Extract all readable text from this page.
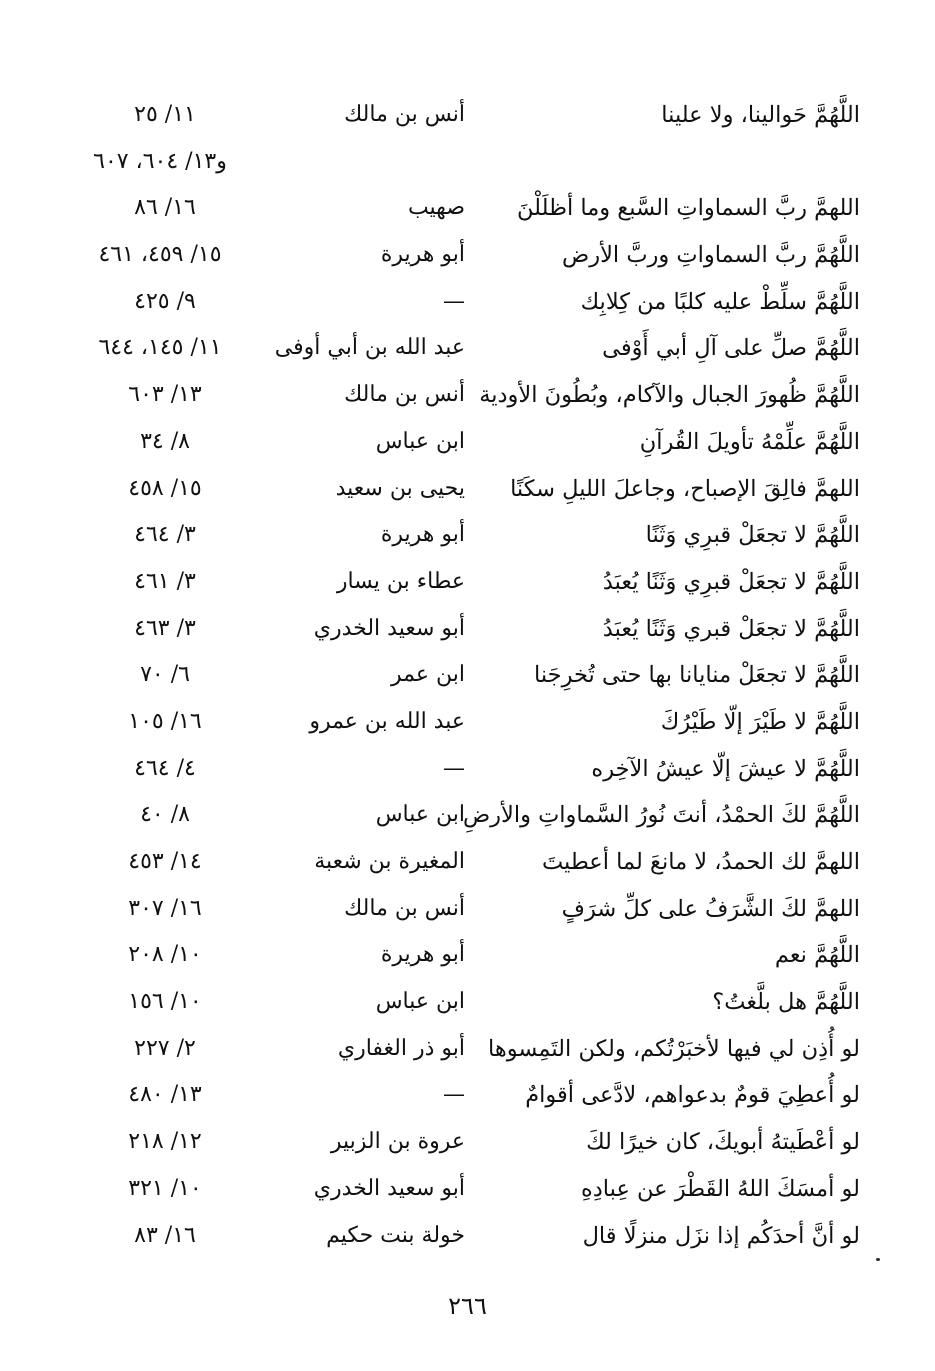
اللَّهُمَّ حَوالينا، ولا علينا
أنس بن مالك
١١/ ٢٥
و١٣/ ٦٠٤، ٦٠٧
اللهمَّ ربَّ السماواتِ السَّبع وما أظلَلْنَ
صهيب
١٦/ ٨٦
اللَّهُمَّ ربَّ السماواتِ وربَّ الأرض
أبو هريرة
١٥/ ٤٥٩، ٤٦١
اللَّهُمَّ سلِّطْ عليه كلبًا من كِلابِك
—
٩/ ٤٢٥
اللَّهُمَّ صلِّ على آلِ أبي أَوْفى
عبد الله بن أبي أوفى
١١/ ١٤٥، ٦٤٤
اللَّهُمَّ ظُهورَ الجبال والآكام، وبُطُونَ الأودية
أنس بن مالك
١٣/ ٦٠٣
اللَّهُمَّ علِّمْهُ تأويلَ القُرآنِ
ابن عباس
٨/ ٣٤
اللهمَّ فالِقَ الإصباح، وجاعلَ الليلِ سكَنًا
يحيى بن سعيد
١٥/ ٤٥٨
اللَّهُمَّ لا تجعَلْ قبرِي وَثَنًا
أبو هريرة
٣/ ٤٦٤
اللَّهُمَّ لا تجعَلْ قبرِي وَثَنًا يُعبَدُ
عطاء بن يسار
٣/ ٤٦١
اللَّهُمَّ لا تجعَلْ قبري وَثَنًا يُعبَدُ
أبو سعيد الخدري
٣/ ٤٦٣
اللَّهُمَّ لا تجعَلْ منايانا بها حتى تُخرِجَنا
ابن عمر
٦/ ٧٠
اللَّهُمَّ لا طَيْرَ إلّا طَيْرُكَ
عبد الله بن عمرو
١٦/ ١٠٥
اللَّهُمَّ لا عيشَ إلّا عيشُ الآخِره
—
٤/ ٤٦٤
اللَّهُمَّ لكَ الحمْدُ، أنتَ نُورُ السَّماواتِ والأرضِ
ابن عباس
٨/ ٤٠
اللهمَّ لك الحمدُ، لا مانعَ لما أعطيتَ
المغيرة بن شعبة
١٤/ ٤٥٣
اللهمَّ لكَ الشَّرَفُ على كلِّ شرَفٍ
أنس بن مالك
١٦/ ٣٠٧
اللَّهُمَّ نعم
أبو هريرة
١٠/ ٢٠٨
اللَّهُمَّ هل بلَّغتُ؟
ابن عباس
١٠/ ١٥٦
لو أُذِن لي فيها لأخبَرْتُكم، ولكن التَمِسوها
أبو ذر الغفاري
٢/ ٢٢٧
لو أُعطِيَ قومٌ بدعواهم، لادَّعى أقوامٌ
—
١٣/ ٤٨٠
لو أعْطَيتهُ أبويكَ، كان خيرًا لكَ
عروة بن الزبير
١٢/ ٢١٨
لو أمسَكَ اللهُ القَطْرَ عن عِبادِهِ
أبو سعيد الخدري
١٠/ ٣٢١
لو أنَّ أحدَكُم إذا نزَل منزلًا قال
خولة بنت حكيم
١٦/ ٨٣
٢٦٦
